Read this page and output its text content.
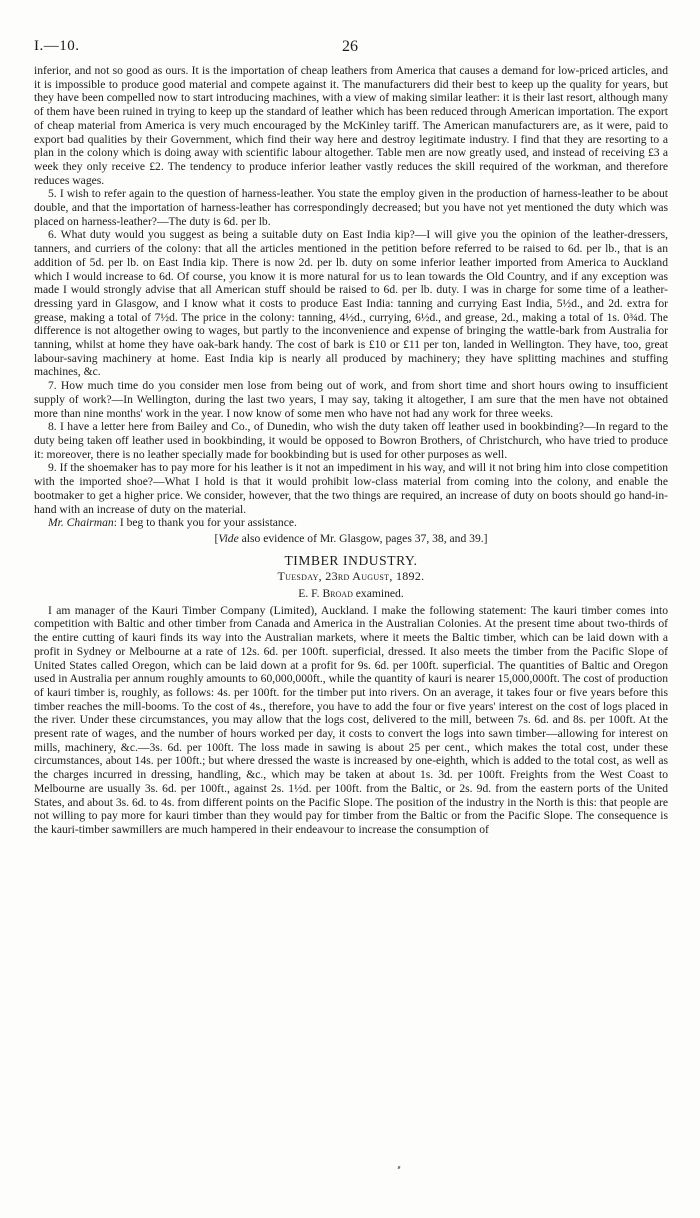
I.—10.	26

inferior, and not so good as ours. It is the importation of cheap leathers from America that causes a demand for low-priced articles, and it is impossible to produce good material and compete against it. The manufacturers did their best to keep up the quality for years, but they have been compelled now to start introducing machines, with a view of making similar leather: it is their last resort, although many of them have been ruined in trying to keep up the standard of leather which has been reduced through American importation. The export of cheap material from America is very much encouraged by the McKinley tariff. The American manufacturers are, as it were, paid to export bad qualities by their Government, which find their way here and destroy legitimate industry. I find that they are resorting to a plan in the colony which is doing away with scientific labour altogether. Table men are now greatly used, and instead of receiving £3 a week they only receive £2. The tendency to produce inferior leather vastly reduces the skill required of the workman, and therefore reduces wages.

5. I wish to refer again to the question of harness-leather. You state the employ given in the production of harness-leather to be about double, and that the importation of harness-leather has correspondingly decreased; but you have not yet mentioned the duty which was placed on harness-leather?—The duty is 6d. per lb.

6. What duty would you suggest as being a suitable duty on East India kip?—I will give you the opinion of the leather-dressers, tanners, and curriers of the colony: that all the articles mentioned in the petition before referred to be raised to 6d. per lb., that is an addition of 5d. per lb. on East India kip. There is now 2d. per lb. duty on some inferior leather imported from America to Auckland which I would increase to 6d. Of course, you know it is more natural for us to lean towards the Old Country, and if any exception was made I would strongly advise that all American stuff should be raised to 6d. per lb. duty. I was in charge for some time of a leather-dressing yard in Glasgow, and I know what it costs to produce East India: tanning and currying East India, 5½d., and 2d. extra for grease, making a total of 7½d. The price in the colony: tanning, 4½d., currying, 6½d., and grease, 2d., making a total of 1s. 0¾d. The difference is not altogether owing to wages, but partly to the inconvenience and expense of bringing the wattle-bark from Australia for tanning, whilst at home they have oak-bark handy. The cost of bark is £10 or £11 per ton, landed in Wellington. They have, too, great labour-saving machinery at home. East India kip is nearly all produced by machinery; they have splitting machines and stuffing machines, &c.

7. How much time do you consider men lose from being out of work, and from short time and short hours owing to insufficient supply of work?—In Wellington, during the last two years, I may say, taking it altogether, I am sure that the men have not obtained more than nine months' work in the year. I now know of some men who have not had any work for three weeks.

8. I have a letter here from Bailey and Co., of Dunedin, who wish the duty taken off leather used in bookbinding?—In regard to the duty being taken off leather used in bookbinding, it would be opposed to Bowron Brothers, of Christchurch, who have tried to produce it: moreover, there is no leather specially made for bookbinding but is used for other purposes as well.

9. If the shoemaker has to pay more for his leather is it not an impediment in his way, and will it not bring him into close competition with the imported shoe?—What I hold is that it would prohibit low-class material from coming into the colony, and enable the bootmaker to get a higher price. We consider, however, that the two things are required, an increase of duty on boots should go hand-in-hand with an increase of duty on the material.

Mr. Chairman: I beg to thank you for your assistance.

[Vide also evidence of Mr. Glasgow, pages 37, 38, and 39.]

TIMBER INDUSTRY.

Tuesday, 23rd August, 1892.

E. F. Broad examined.

I am manager of the Kauri Timber Company (Limited), Auckland. I make the following statement: The kauri timber comes into competition with Baltic and other timber from Canada and America in the Australian Colonies. At the present time about two-thirds of the entire cutting of kauri finds its way into the Australian markets, where it meets the Baltic timber, which can be laid down with a profit in Sydney or Melbourne at a rate of 12s. 6d. per 100ft. superficial, dressed. It also meets the timber from the Pacific Slope of United States called Oregon, which can be laid down at a profit for 9s. 6d. per 100ft. superficial. The quantities of Baltic and Oregon used in Australia per annum roughly amounts to 60,000,000ft., while the quantity of kauri is nearer 15,000,000ft. The cost of production of kauri timber is, roughly, as follows: 4s. per 100ft. for the timber put into rivers. On an average, it takes four or five years before this timber reaches the mill-booms. To the cost of 4s., therefore, you have to add the four or five years' interest on the cost of logs placed in the river. Under these circumstances, you may allow that the logs cost, delivered to the mill, between 7s. 6d. and 8s. per 100ft. At the present rate of wages, and the number of hours worked per day, it costs to convert the logs into sawn timber—allowing for interest on mills, machinery, &c.—3s. 6d. per 100ft. The loss made in sawing is about 25 per cent., which makes the total cost, under these circumstances, about 14s. per 100ft.; but where dressed the waste is increased by one-eighth, which is added to the total cost, as well as the charges incurred in dressing, handling, &c., which may be taken at about 1s. 3d. per 100ft. Freights from the West Coast to Melbourne are usually 3s. 6d. per 100ft., against 2s. 1½d. per 100ft. from the Baltic, or 2s. 9d. from the eastern ports of the United States, and about 3s. 6d. to 4s. from different points on the Pacific Slope. The position of the industry in the North is this: that people are not willing to pay more for kauri timber than they would pay for timber from the Baltic or from the Pacific Slope. The consequence is the kauri-timber sawmillers are much hampered in their endeavour to increase the consumption of
